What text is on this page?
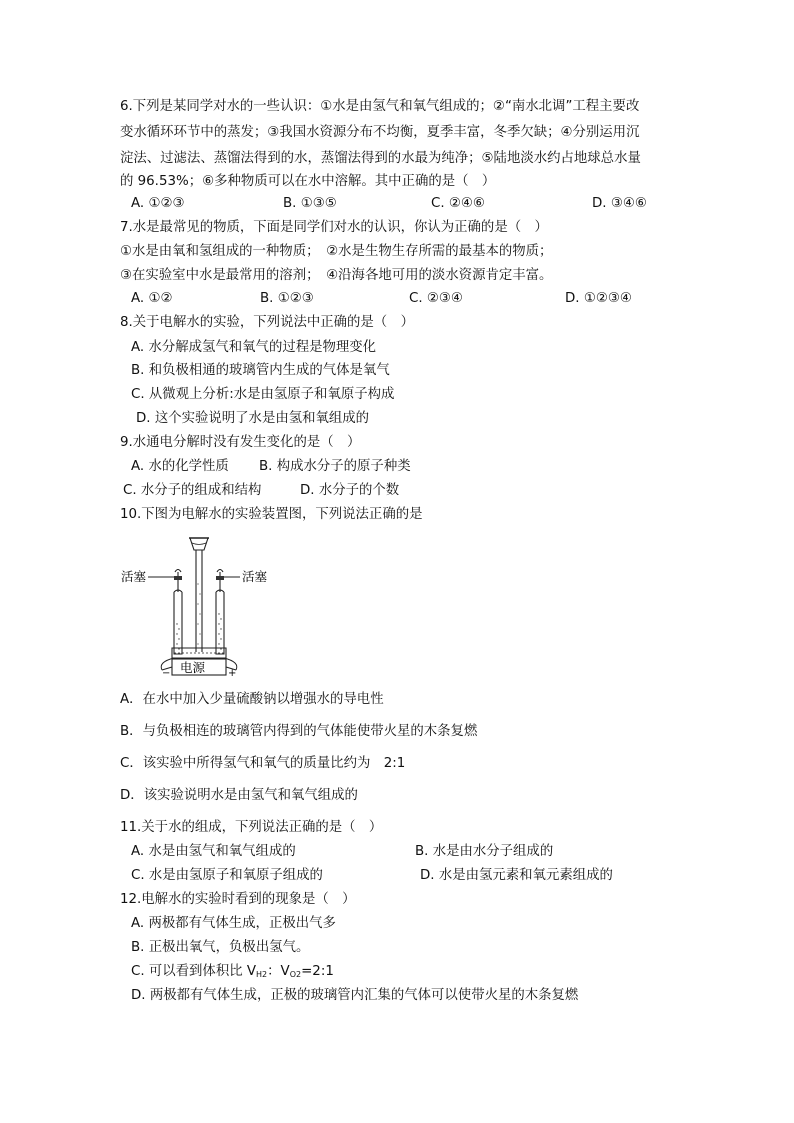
6.下列是某同学对水的一些认识：①水是由氢气和氧气组成的；②“南水北调”工程主要改
变水循环环节中的蒸发；③我国水资源分布不均衡，夏季丰富，冬季欠缺；④分别运用沉
淀法、过滤法、蒸馏法得到的水，蒸馏法得到的水最为纯净；⑤陆地淡水约占地球总水量
的 96.53%；⑥多种物质可以在水中溶解。其中正确的是（　）
A. ①②③	B. ①③⑤	C. ②④⑥	D. ③④⑥
7.水是最常见的物质，下面是同学们对水的认识，你认为正确的是（　）
①水是由氧和氢组成的一种物质；　②水是生物生存所需的最基本的物质；
③在实验室中水是最常用的溶剂；　④沿海各地可用的淡水资源肯定丰富。
A. ①②	B. ①②③	C. ②③④	D. ①②③④
8.关于电解水的实验，下列说法中正确的是（　）
A. 水分解成氢气和氧气的过程是物理变化
B. 和负极相通的玻璃管内生成的气体是氧气
C. 从微观上分析:水是由氢原子和氧原子构成
D. 这个实验说明了水是由氢和氧组成的
9.水通电分解时没有发生变化的是（　）
A. 水的化学性质 B. 构成水分子的原子种类
C. 水分子的组成和结构	D. 水分子的个数
10.下图为电解水的实验装置图，下列说法正确的是
活塞	活塞
电源
−	+
A．在水中加入少量硫酸钠以增强水的导电性
B．与负极相连的玻璃管内得到的气体能使带火星的木条复燃
C．该实验中所得氢气和氧气的质量比约为　2:1
D．该实验说明水是由氢气和氧气组成的
11.关于水的组成，下列说法正确的是（　）
A. 水是由氢气和氧气组成的	B. 水是由水分子组成的
C. 水是由氢原子和氧原子组成的	D. 水是由氢元素和氧元素组成的
12.电解水的实验时看到的现象是（　）
A. 两极都有气体生成，正极出气多
B. 正极出氧气，负极出氢气。
C. 可以看到体积比 $V_{H2}$：$V_{O2}=2:1$
D. 两极都有气体生成，正极的玻璃管内汇集的气体可以使带火星的木条复燃
